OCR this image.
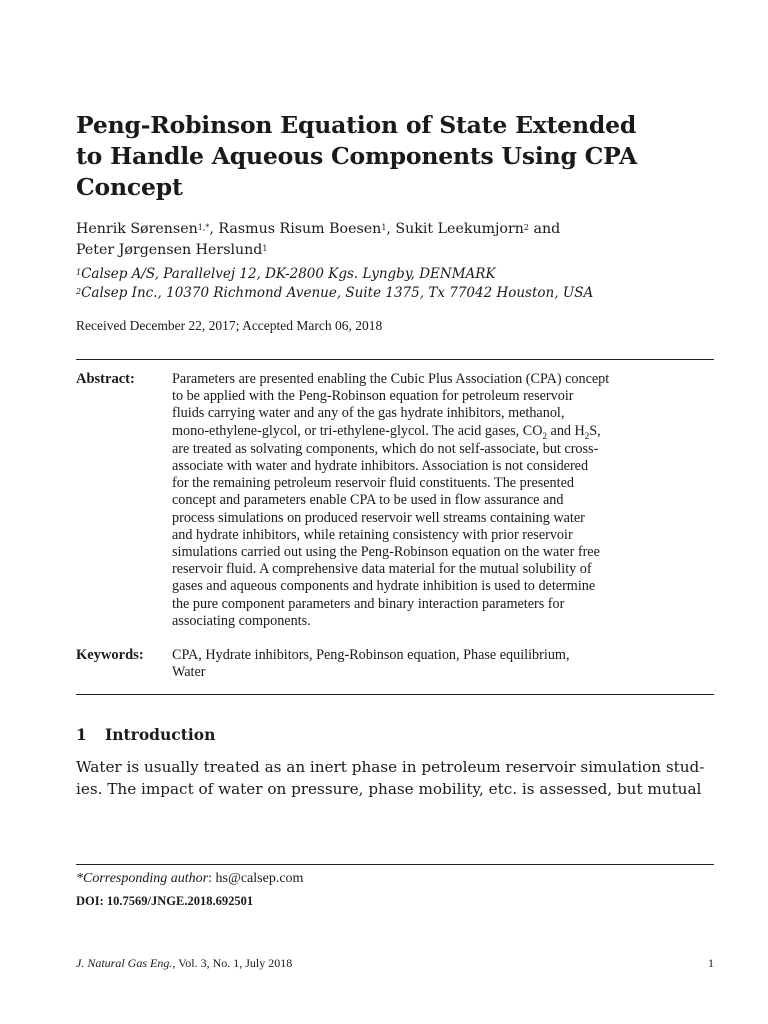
Peng-Robinson Equation of State Extended
to Handle Aqueous Components Using CPA
Concept
Henrik Sørensen$^{1,*}$, Rasmus Risum Boesen$^1$, Sukit Leekumjorn$^2$ and
Peter Jørgensen Herslund$^1$
$^1$Calsep A/S, Parallelvej 12, DK-2800 Kgs. Lyngby, DENMARK
$^2$Calsep Inc., 10370 Richmond Avenue, Suite 1375, Tx 77042 Houston, USA
Received December 22, 2017; Accepted March 06, 2018
Abstract:	Parameters are presented enabling the Cubic Plus Association (CPA) concept
to be applied with the Peng-Robinson equation for petroleum reservoir
fluids carrying water and any of the gas hydrate inhibitors, methanol,
mono-ethylene-glycol, or tri-ethylene-glycol. The acid gases, $CO_2$ and $H_2S$,
are treated as solvating components, which do not self-associate, but cross-
associate with water and hydrate inhibitors. Association is not considered
for the remaining petroleum reservoir fluid constituents. The presented
concept and parameters enable CPA to be used in flow assurance and
process simulations on produced reservoir well streams containing water
and hydrate inhibitors, while retaining consistency with prior reservoir
simulations carried out using the Peng-Robinson equation on the water free
reservoir fluid. A comprehensive data material for the mutual solubility of
gases and aqueous components and hydrate inhibition is used to determine
the pure component parameters and binary interaction parameters for
associating components.
Keywords: CPA, Hydrate inhibitors, Peng-Robinson equation, Phase equilibrium,
Water
1 Introduction
Water is usually treated as an inert phase in petroleum reservoir simulation stud-
ies. The impact of water on pressure, phase mobility, etc. is assessed, but mutual
*Corresponding author: hs@calsep.com
DOI: 10.7569/JNGE.2018.692501
J. Natural Gas Eng., Vol. 3, No. 1, July 2018	1
